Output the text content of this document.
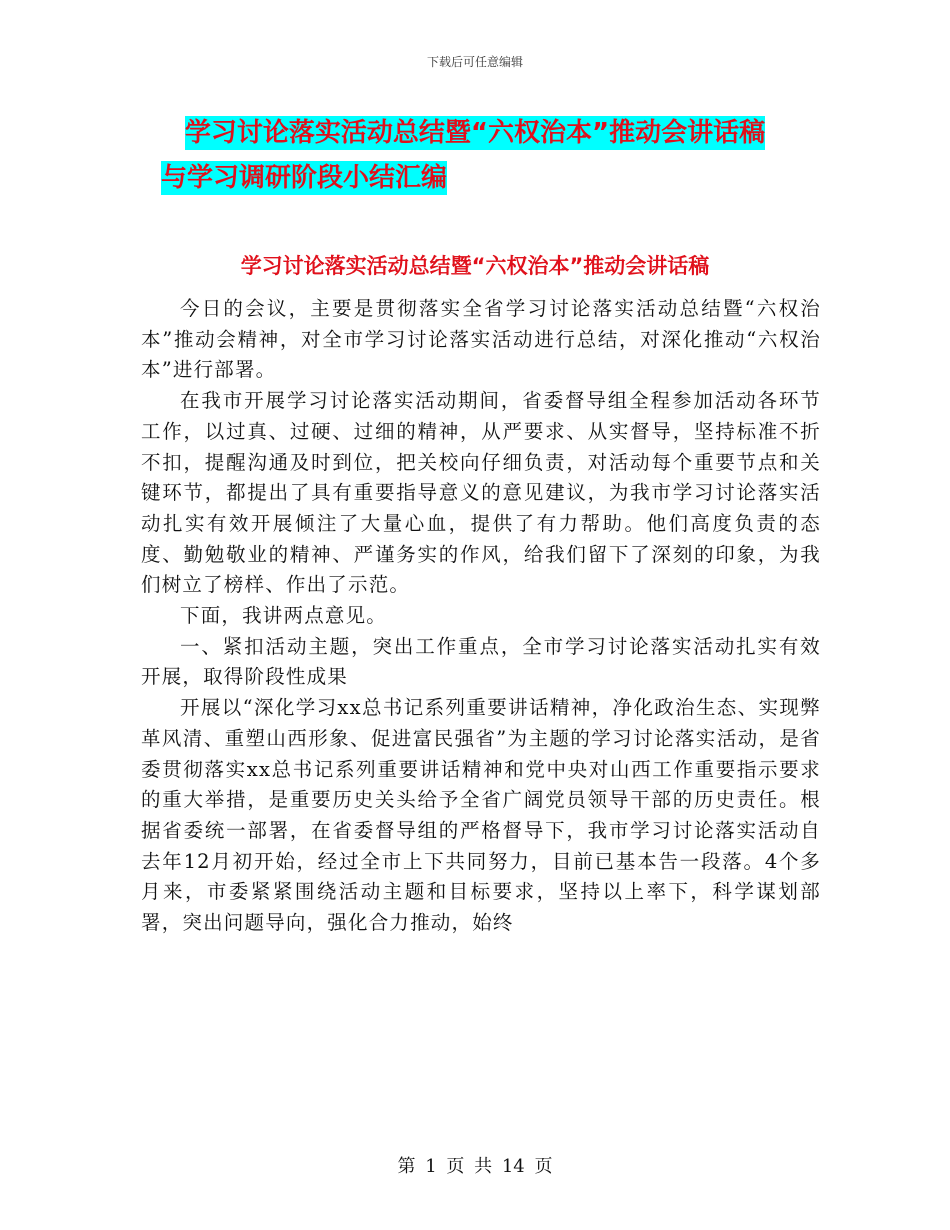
下载后可任意编辑
学习讨论落实活动总结暨“六权治本”推动会讲话稿
与学习调研阶段小结汇编
学习讨论落实活动总结暨“六权治本”推动会讲话稿

今日的会议，主要是贯彻落实全省学习讨论落实活动总结暨“六权治本”推动会精神，对全市学习讨论落实活动进行总结，对深化推动“六权治本”进行部署。

在我市开展学习讨论落实活动期间，省委督导组全程参加活动各环节工作，以过真、过硬、过细的精神，从严要求、从实督导，坚持标准不折不扣，提醒沟通及时到位，把关校向仔细负责，对活动每个重要节点和关键环节，都提出了具有重要指导意义的意见建议，为我市学习讨论落实活动扎实有效开展倾注了大量心血，提供了有力帮助。他们高度负责的态度、勤勉敬业的精神、严谨务实的作风，给我们留下了深刻的印象，为我们树立了榜样、作出了示范。

下面，我讲两点意见。

一、紧扣活动主题，突出工作重点，全市学习讨论落实活动扎实有效开展，取得阶段性成果

开展以“深化学习xx总书记系列重要讲话精神，净化政治生态、实现弊革风清、重塑山西形象、促进富民强省”为主题的学习讨论落实活动，是省委贯彻落实xx总书记系列重要讲话精神和党中央对山西工作重要指示要求的重大举措，是重要历史关头给予全省广阔党员领导干部的历史责任。根据省委统一部署，在省委督导组的严格督导下，我市学习讨论落实活动自去年12月初开始，经过全市上下共同努力，目前已基本告一段落。4个多月来，市委紧紧围绕活动主题和目标要求，坚持以上率下，科学谋划部署，突出问题导向，强化合力推动，始终

第 1 页 共 14 页
